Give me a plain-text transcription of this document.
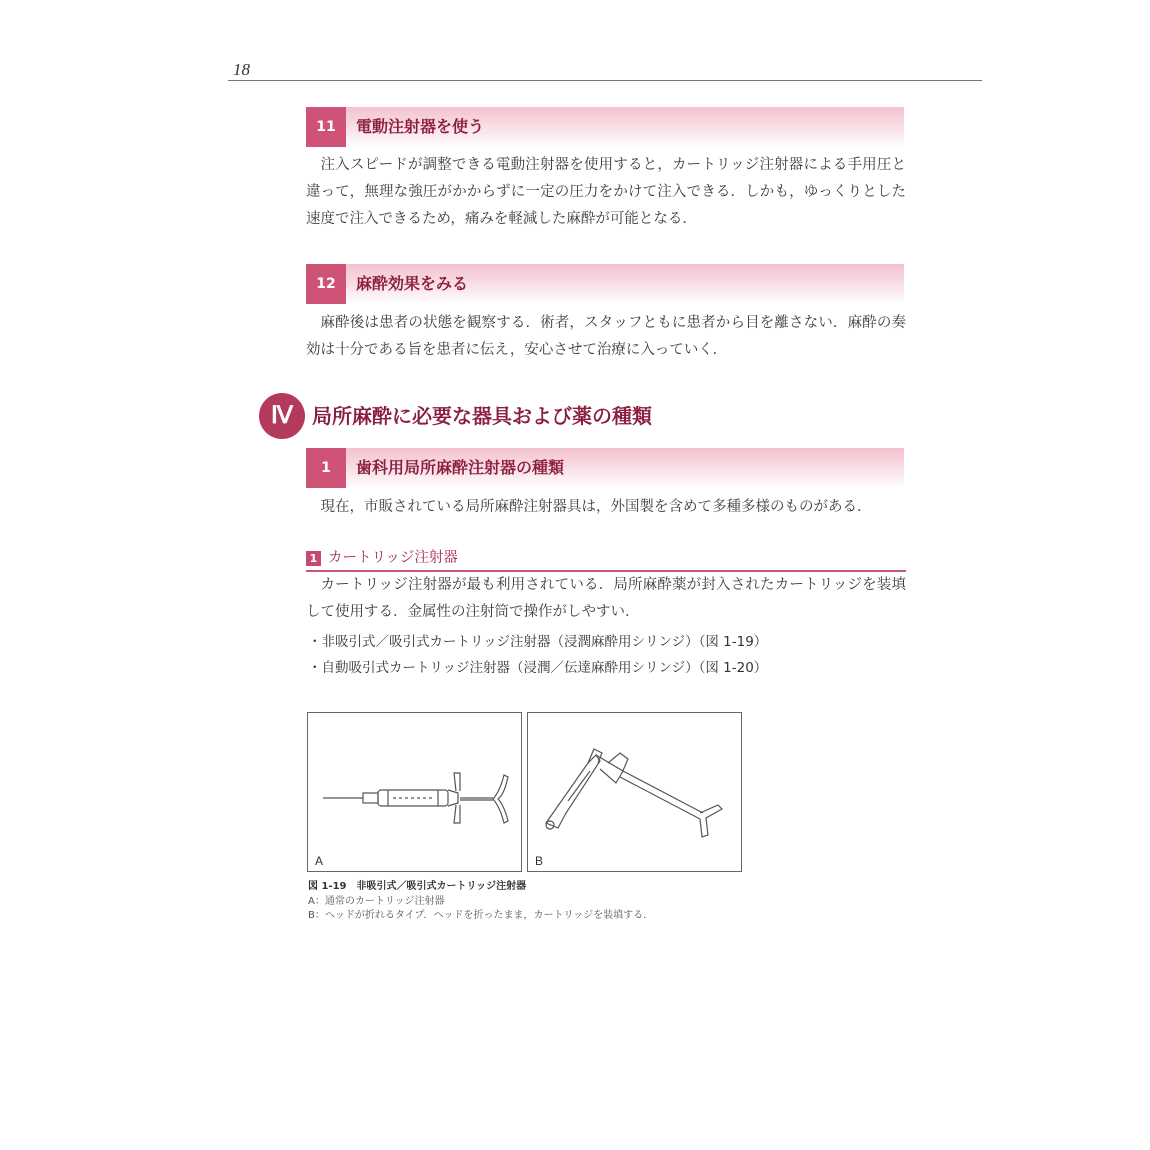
18
11	電動注射器を使う

注入スピードが調整できる電動注射器を使用すると，カートリッジ注射器による手用圧と違って，無理な強圧がかからずに一定の圧力をかけて注入できる．しかも，ゆっくりとした速度で注入できるため，痛みを軽減した麻酔が可能となる．

12	麻酔効果をみる

麻酔後は患者の状態を観察する．術者，スタッフともに患者から目を離さない．麻酔の奏効は十分である旨を患者に伝え，安心させて治療に入っていく．

Ⅳ 局所麻酔に必要な器具および薬の種類
1	歯科用局所麻酔注射器の種類

現在，市販されている局所麻酔注射器具は，外国製を含めて多種多様のものがある．

1 カートリッジ注射器

カートリッジ注射器が最も利用されている．局所麻酔薬が封入されたカートリッジを装填して使用する．金属性の注射筒で操作がしやすい．

・非吸引式／吸引式カートリッジ注射器（浸潤麻酔用シリンジ）（図 1-19）
・自動吸引式カートリッジ注射器（浸潤／伝達麻酔用シリンジ）（図 1-20）
A	B
図 1-19　非吸引式／吸引式カートリッジ注射器
A：通常のカートリッジ注射器
B：ヘッドが折れるタイプ．ヘッドを折ったまま，カートリッジを装填する．
